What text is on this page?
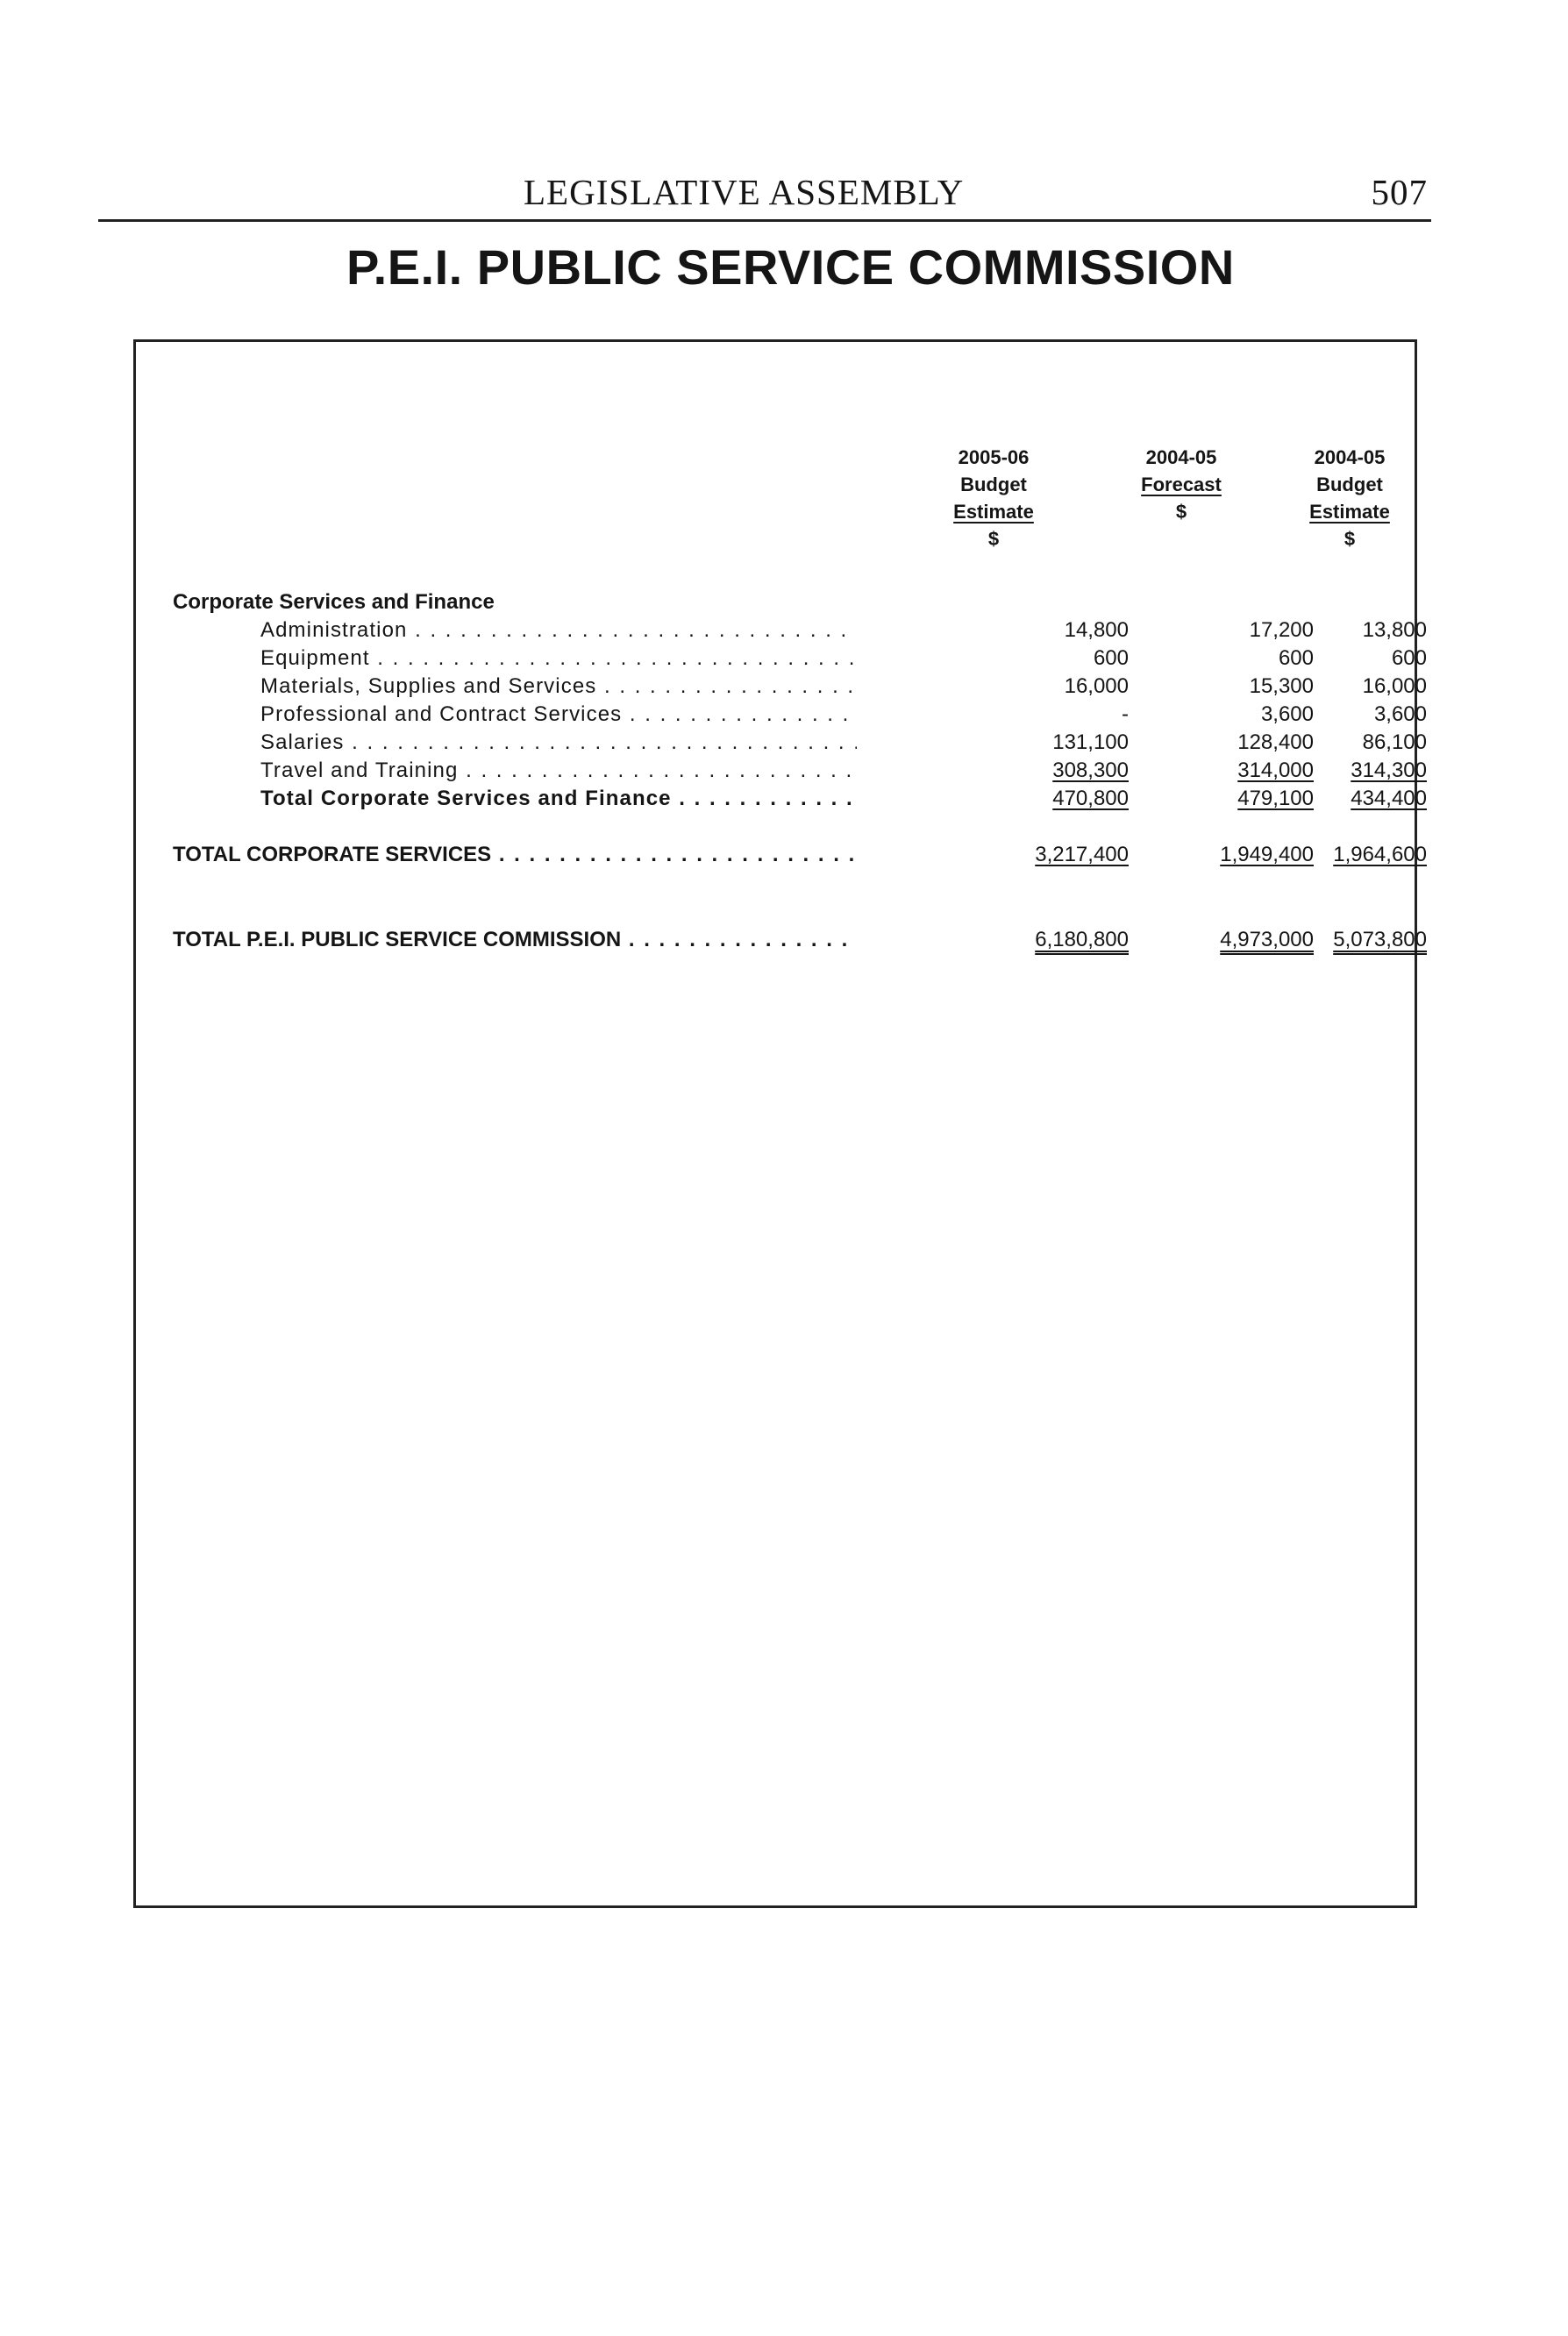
LEGISLATIVE ASSEMBLY	507
P.E.I. PUBLIC SERVICE COMMISSION
2005-06
Budget
Estimate
$
2004-05
Forecast
$
2004-05
Budget
Estimate
$
Corporate Services and Finance
Administration . . .	14,800	17,200	13,800
Equipment . . .	600	600	600
Materials, Supplies and Services . . .	16,000	15,300	16,000
Professional and Contract Services . . .	-	3,600	3,600
Salaries . . .	131,100	128,400	86,100
Travel and Training . . .	308,300	314,000	314,300
Total Corporate Services and Finance . . .	470,800	479,100	434,400
TOTAL CORPORATE SERVICES . . .	3,217,400	1,949,400 1,964,600
TOTAL P.E.I. PUBLIC SERVICE COMMISSION . . .	6,180,800	4,973,000 5,073,800
